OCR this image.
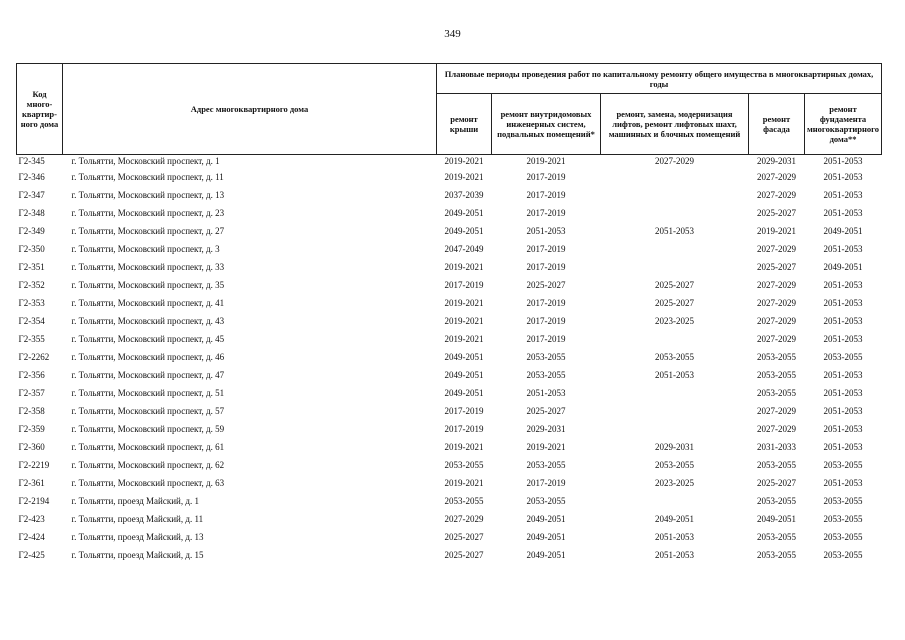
349
Код много-квартир-ного дома	Адрес многоквартирного дома	Плановые периоды проведения работ по капитальному ремонту общего имущества в многоквартирных домах, годы				
		ремонт крыши	ремонт внутридомовых инженерных систем, подвальных помещений*	ремонт, замена, модернизация лифтов, ремонт лифтовых шахт, машинных и блочных помещений	ремонт фасада	ремонт фундамента многоквартирного дома**
Г2-345	г. Тольятти, Московский проспект, д. 1	2019-2021	2019-2021	2027-2029	2029-2031	2051-2053
Г2-346	г. Тольятти, Московский проспект, д. 11	2019-2021	2017-2019		2027-2029	2051-2053
Г2-347	г. Тольятти, Московский проспект, д. 13	2037-2039	2017-2019		2027-2029	2051-2053
Г2-348	г. Тольятти, Московский проспект, д. 23	2049-2051	2017-2019		2025-2027	2051-2053
Г2-349	г. Тольятти, Московский проспект, д. 27	2049-2051	2051-2053	2051-2053	2019-2021	2049-2051
Г2-350	г. Тольятти, Московский проспект, д. 3	2047-2049	2017-2019		2027-2029	2051-2053
Г2-351	г. Тольятти, Московский проспект, д. 33	2019-2021	2017-2019		2025-2027	2049-2051
Г2-352	г. Тольятти, Московский проспект, д. 35	2017-2019	2025-2027	2025-2027	2027-2029	2051-2053
Г2-353	г. Тольятти, Московский проспект, д. 41	2019-2021	2017-2019	2025-2027	2027-2029	2051-2053
Г2-354	г. Тольятти, Московский проспект, д. 43	2019-2021	2017-2019	2023-2025	2027-2029	2051-2053
Г2-355	г. Тольятти, Московский проспект, д. 45	2019-2021	2017-2019		2027-2029	2051-2053
Г2-2262	г. Тольятти, Московский проспект, д. 46	2049-2051	2053-2055	2053-2055	2053-2055	2053-2055
Г2-356	г. Тольятти, Московский проспект, д. 47	2049-2051	2053-2055	2051-2053	2053-2055	2051-2053
Г2-357	г. Тольятти, Московский проспект, д. 51	2049-2051	2051-2053		2053-2055	2051-2053
Г2-358	г. Тольятти, Московский проспект, д. 57	2017-2019	2025-2027		2027-2029	2051-2053
Г2-359	г. Тольятти, Московский проспект, д. 59	2017-2019	2029-2031		2027-2029	2051-2053
Г2-360	г. Тольятти, Московский проспект, д. 61	2019-2021	2019-2021	2029-2031	2031-2033	2051-2053
Г2-2219	г. Тольятти, Московский проспект, д. 62	2053-2055	2053-2055	2053-2055	2053-2055	2053-2055
Г2-361	г. Тольятти, Московский проспект, д. 63	2019-2021	2017-2019	2023-2025	2025-2027	2051-2053
Г2-2194	г. Тольятти, проезд Майский, д. 1	2053-2055	2053-2055		2053-2055	2053-2055
Г2-423	г. Тольятти, проезд Майский, д. 11	2027-2029	2049-2051	2049-2051	2049-2051	2053-2055
Г2-424	г. Тольятти, проезд Майский, д. 13	2025-2027	2049-2051	2051-2053	2053-2055	2053-2055
Г2-425	г. Тольятти, проезд Майский, д. 15	2025-2027	2049-2051	2051-2053	2053-2055	2053-2055
